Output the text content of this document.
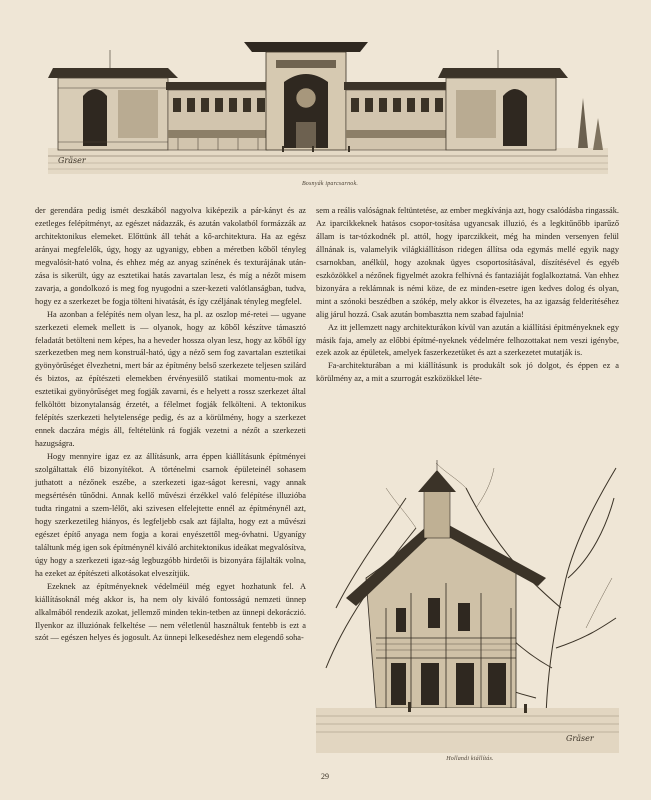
Gräser
Bosnyák iparcsarnok.

der gerendára pedig ismét deszkából nagyolva kiképezik a pár-kányt és az ezetleges felépítményt, az egészet nádazzák, és azután vakolatból formázzák az architektonikus elemeket. Előttünk áll tehát a kő-architektura. Ha az egész arányai megfelelők, úgy, hogy az ugyanigy, ebben a méretben kőből tényleg megvalósít-ható volna, és ehhez még az anyag színének és texturájának után-zása is sikerült, úgy az esztetikai hatás zavartalan lesz, és míg a nézőt misem zavarja, a gondolkozó is meg fog nyugodni a szer-kezeti valótlanságban, tudva, hogy ez a szerkezet be fogja tölteni hivatását, és így czéljának tényleg megfelel.

Ha azonban a felépítés nem olyan lesz, ha pl. az oszlop mé-retei — ugyane szerkezeti elemek mellett is — olyanok, hogy az kőből készítve támasztó feladatát betölteni nem képes, ha a heveder hossza olyan lesz, hogy az kőből így szerkezetben meg nem konstruál-ható, úgy a néző sem fog zavartalan esztetikai gyönyörűséget élvezhetni, mert bár az építmény belső szerkezete teljesen szilárd és biztos, az építészeti elemekben érvényesülő statikai momentu-mok az esztetikai gyönyörűséget meg fogják zavarni, és e helyett a rossz szerkezet által felköltött bizonytalanság érzetét, a félelmet fogják felkölteni. A tektonikus felépítés szerkezeti helytelensége pedig, és az a körülmény, hogy a szerkezet ennek daczára mégis áll, feltételünk rá fogják vezetni a nézőt a szerkezeti hazugságra.

Hogy mennyire igaz ez az állításunk, arra éppen kiállításunk építményei szolgáltattak élő bizonyítékot. A történelmi csarnok épületeinél sohasem juthatott a nézőnek eszébe, a szerkezeti igaz-ságot keresni, vagy annak megsértésén tűnődni. Annak kellő művészi érzékkel való felépítése illuzióba tudta ringatni a szem-lélőt, aki szivesen elfelejtette ennél az építménynél azt, hogy szerkezetileg hiányos, és legfeljebb csak azt fájlalta, hogy ezt a művészi egészet építő anyaga nem fogja a korai enyészettől meg-óvhatni. Ugyanígy találtunk még igen sok építménynél kiváló architektonikus ideákat megvalósítva, úgy hogy a szerkezeti igaz-ság legbuzgóbb hirdetői is bizonyára fájlalták volna, ha ezeket az építészeti alkotásokat elveszítjük.

Ezeknek az építményeknek védelméül még egyet hozhatunk fel. A kiállításoknál még akkor is, ha nem oly kiváló fontosságú nemzeti ünnep alkalmából rendezik azokat, jellemző minden tekin-tetben az ünnepi dekoráczió. Ilyenkor az illuziónak felkeltése — nem véletlenül használtuk fentebb is ezt a szót — egészen helyes és jogosult. Az ünnepi lelkesedéshez nem elegendő soha-

sem a reális valóságnak feltüntetése, az ember megkívánja azt, hogy csalódásba ringassák. Az iparcikkeknek hatásos csopor-tosítása ugyancsak illuzió, és a legkitűnőbb iparűző állam is tar-tózkodnék pl. attól, hogy iparczikkeit, még ha minden versenyen felül állnának is, valamelyik világkiállításon ridegen állítsa oda egymás mellé egyik nagy csarnokban, anélkül, hogy azoknak ügyes csoportosításával, díszítésével és egyéb eszközökkel a nézőnek figyelmét azokra felhívná és fantaziáját foglalkoztatná. Van ehhez bizonyára a reklámnak is némi köze, de ez minden-esetre igen kedves dolog és olyan, mint a szónoki beszédben a szókép, mely akkor is élvezetes, ha az igazság felderítéséhez alig járul hozzá. Csak azután bombasztta nem szabad fajulnia!

Az itt jellemzett nagy architekturákon kívül van azután a kiállítási épitményeknek egy másik faja, amely az előbbi építmé-nyeknek védelmére felhozottakat nem veszi igénybe, ezek azok az épületek, amelyek faszerkezetüket és azt a szerkezetet mutatják is.

Fa-architekturában a mi kiállításunk is produkált sok jó dolgot, és éppen ez a körülmény az, a mit a szurrogát eszközökkel léte-

Gräser
Hollandi kiállítás.
29
